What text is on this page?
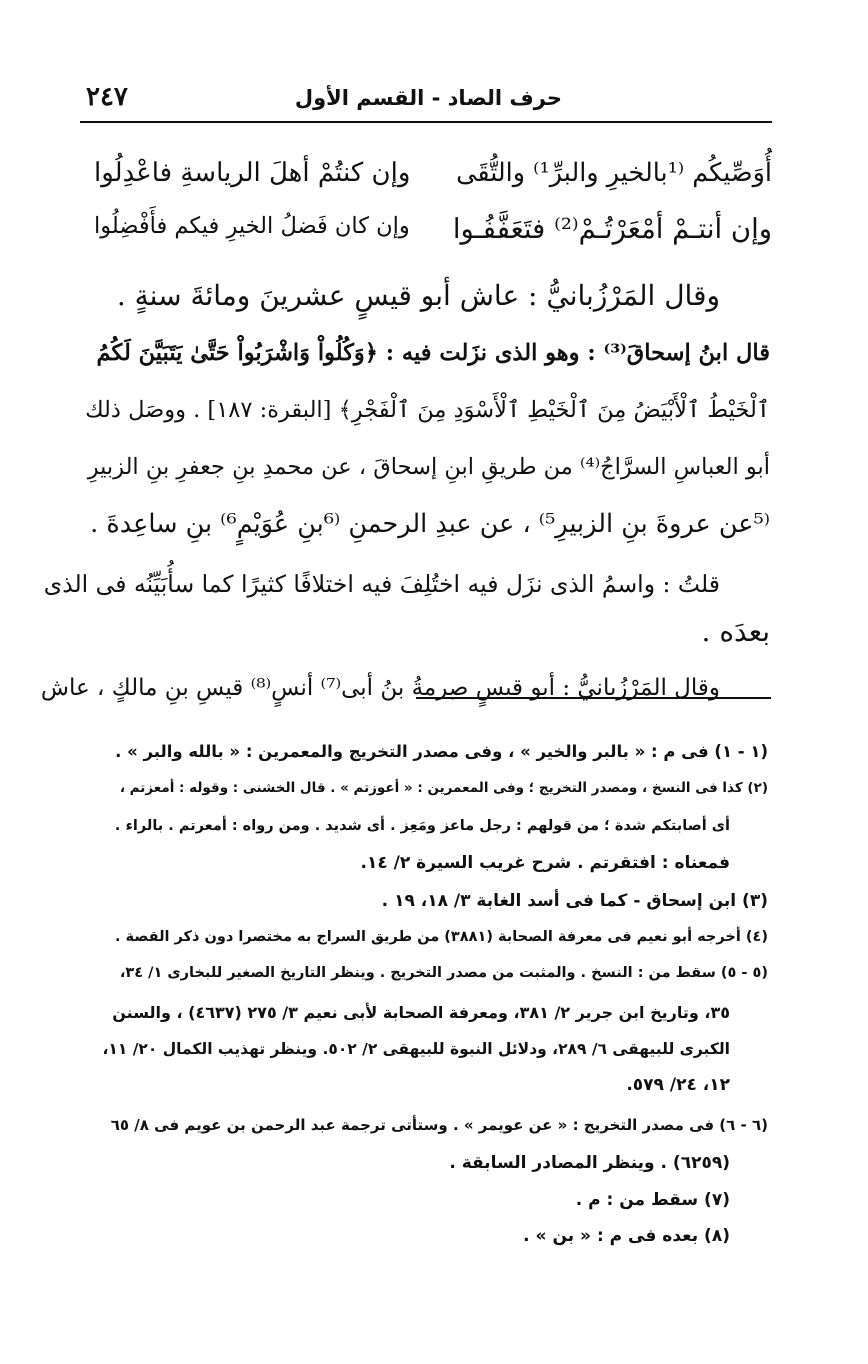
حرف الصاد - القسم الأول
٢٤٧
أُوَصِّيكُم ⁽¹بالخيرِ والبرِّ¹⁾ والتُّقَى
وإن كنتُمْ أهلَ الرياسةِ فاعْدِلُوا
وإن أنتـمْ أمْعَرْتُـمْ⁽²⁾ فتَعَفَّفُـوا
وإن كان فَضلُ الخيرِ فيكم فأَفْضِلُوا
وقال المَرْزُبانيُّ : عاش أبو قيسٍ عشرينَ ومائةَ سنةٍ .
قال ابنُ إسحاقَ⁽³⁾ : وهو الذى نزَلت فيه : ﴿وَكُلُواْ وَاشْرَبُواْ حَتَّىٰ يَتَبَيَّنَ لَكُمُ
ٱلْخَيْطُ ٱلْأَبْيَضُ مِنَ ٱلْخَيْطِ ٱلْأَسْوَدِ مِنَ ٱلْفَجْرِ﴾ [البقرة: ١٨٧] . ووصَل ذلك
أبو العباسِ السرَّاجُ⁽⁴⁾ من طريقِ ابنِ إسحاقَ ، عن محمدِ بنِ جعفرِ بنِ الزبيرِ
⁽⁵عن عروةَ بنِ الزبيرِ⁵⁾ ، عن عبدِ الرحمنِ ⁽⁶بنِ عُوَيْمٍ⁶⁾ بنِ ساعِدةَ .
قلتُ : واسمُ الذى نزَل فيه اختُلِفَ فيه اختلافًا كثيرًا كما سأُبَيِّنُه فى الذى
بعدَه .
وقال المَرْزُبانيُّ : أبو قيسٍ صِرمةُ بنُ أبى⁽⁷⁾ أنسٍ⁽⁸⁾ قيسِ بنِ مالكٍ ، عاش
(١ - ١) فى م : « بالبر والخير » ، وفى مصدر التخريج والمعمرين : « بالله والبر » .
(٢) كذا فى النسخ ، ومصدر التخريج ؛ وفى المعمرين : « أعوزتم » . قال الخشنى : وقوله : أمعزتم ،
أى أصابتكم شدة ؛ من قولهم : رجل ماعز ومَعِز . أى شديد . ومن رواه : أمعرتم . بالراء .
فمعناه : افتقرتم . شرح غريب السيرة ٢/ ١٤.
(٣) ابن إسحاق - كما فى أسد الغابة ٣/ ١٨، ١٩ .
(٤) أخرجه أبو نعيم فى معرفة الصحابة (٣٨٨١) من طريق السراج به مختصرا دون ذكر القصة .
(٥ - ٥) سقط من : النسخ . والمثبت من مصدر التخريج . وينظر التاريخ الصغير للبخارى ١/ ٣٤،
٣٥، وتاريخ ابن جرير ٢/ ٣٨١، ومعرفة الصحابة لأبى نعيم ٣/ ٢٧٥ (٤٦٣٧) ، والسنن
الكبرى للبيهقى ٦/ ٢٨٩، ودلائل النبوة للبيهقى ٢/ ٥٠٢. وينظر تهذيب الكمال ٢٠/ ١١،
١٢، ٢٤/ ٥٧٩.
(٦ - ٦) فى مصدر التخريج : « عن عويمر » . وستأتى ترجمة عبد الرحمن بن عويم فى ٨/ ٦٥
(٦٢٥٩) . وينظر المصادر السابقة .
(٧) سقط من : م .
(٨) بعده فى م : « بن » .
